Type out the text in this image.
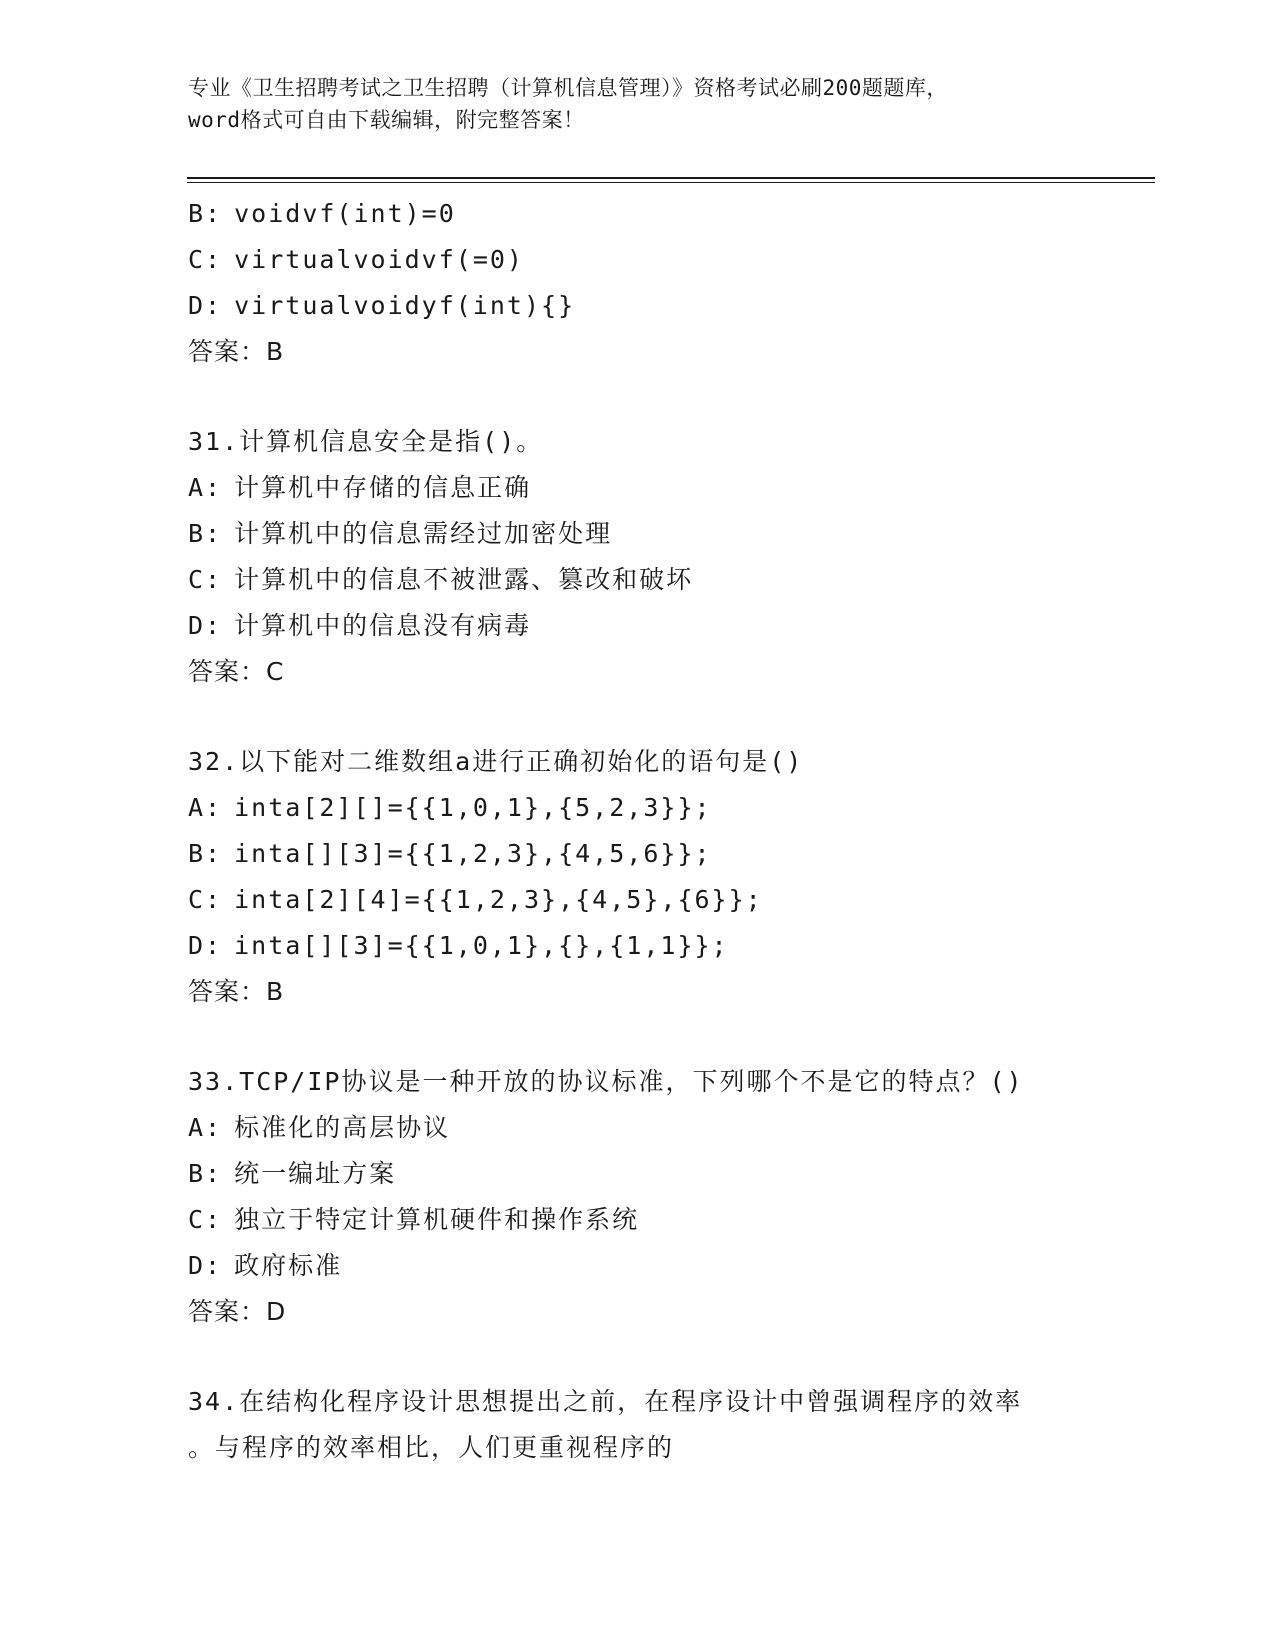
专业《卫生招聘考试之卫生招聘（计算机信息管理）》资格考试必刷200题题库，
word格式可自由下载编辑，附完整答案！
B: voidvf(int)=0
C: virtualvoidvf(=0)
D: virtualvoidyf(int){}
答案：B
31.计算机信息安全是指()。
A: 计算机中存储的信息正确
B: 计算机中的信息需经过加密处理
C: 计算机中的信息不被泄露、篡改和破坏
D: 计算机中的信息没有病毒
答案：C
32.以下能对二维数组a进行正确初始化的语句是()
A: inta[2][]={{1,0,1},{5,2,3}};
B: inta[][3]={{1,2,3},{4,5,6}};
C: inta[2][4]={{1,2,3},{4,5},{6}};
D: inta[][3]={{1,0,1},{},{1,1}};
答案：B
33.TCP/IP协议是一种开放的协议标准，下列哪个不是它的特点？()
A: 标准化的高层协议
B: 统一编址方案
C: 独立于特定计算机硬件和操作系统
D: 政府标准
答案：D
34.在结构化程序设计思想提出之前，在程序设计中曾强调程序的效率
。与程序的效率相比，人们更重视程序的
